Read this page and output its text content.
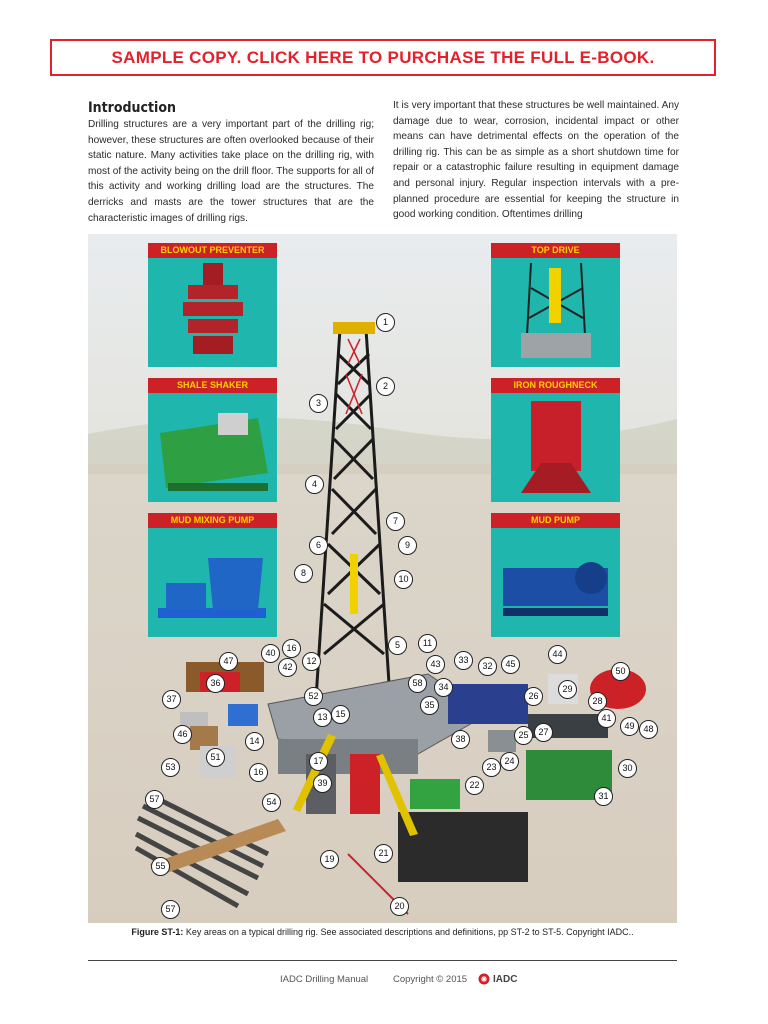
SAMPLE COPY. CLICK HERE TO PURCHASE THE FULL E-BOOK.
Introduction

Drilling structures are a very important part of the drilling rig; however, these structures are often overlooked because of their static nature. Many activities take place on the drilling rig, with most of the activity being on the drill floor. The supports for all of this activity and working drilling load are the structures. The derricks and masts are the tower structures that are the characteristic images of drilling rigs.

It is very important that these structures be well maintained. Any damage due to wear, corrosion, incidental impact or other means can have detrimental effects on the operation of the drilling rig. This can be as simple as a short shutdown time for repair or a catastrophic failure resulting in equipment damage and personal injury. Regular inspection intervals with a pre-planned procedure are essential for keeping the structure in good working condition. Oftentimes drilling

BLOWOUT PREVENTER
SHALE SHAKER
MUD MIXING PUMP
TOP DRIVE
IRON ROUGHNECK
MUD PUMP
1
2
3
4
5
6
7
8
9
10
11
12
13
14
15
16
16
17
19
20
21
22
23
24
25
26
27
28
29
30
31
32
33
34
35
36
37
38
39
40
41
42	43
44
45
46
47
48
49
50
51
52
53
54
55
57
57
58
Figure ST-1: Key areas on a typical drilling rig. See associated descriptions and definitions, pp ST-2 to ST-5. Copyright IADC..
IADC Drilling Manual	Copyright © 2015	IADC
